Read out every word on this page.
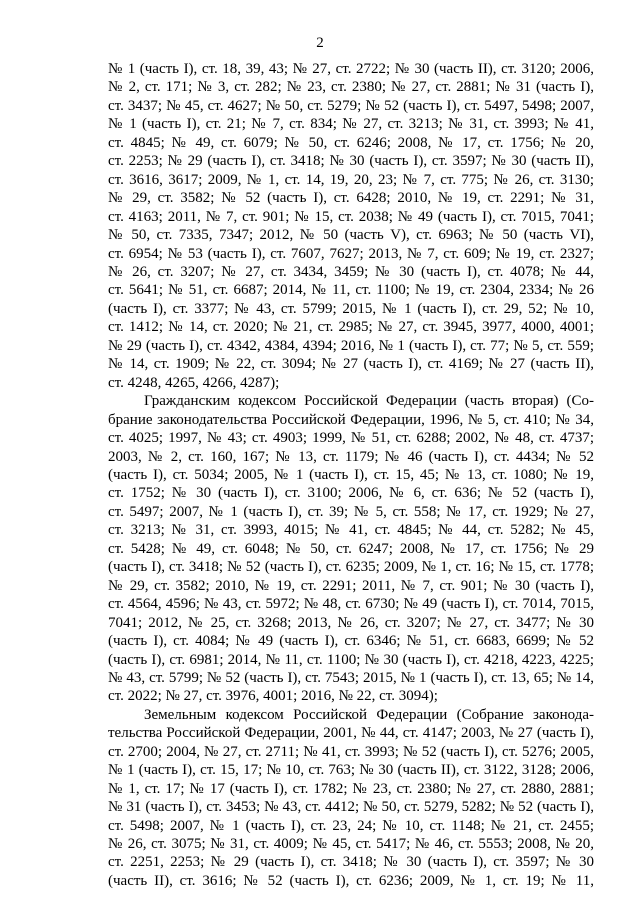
2
№ 1 (часть I), ст. 18, 39, 43; № 27, ст. 2722; № 30 (часть II), ст. 3120; 2006,
№ 2, ст. 171; № 3, ст. 282; № 23, ст. 2380; № 27, ст. 2881; № 31 (часть I),
ст. 3437; № 45, ст. 4627; № 50, ст. 5279; № 52 (часть I), ст. 5497, 5498; 2007,
№ 1 (часть I), ст. 21; № 7, ст. 834; № 27, ст. 3213; № 31, ст. 3993; № 41,
ст. 4845; № 49, ст. 6079; № 50, ст. 6246; 2008, № 17, ст. 1756; № 20,
ст. 2253; № 29 (часть I), ст. 3418; № 30 (часть I), ст. 3597; № 30 (часть II),
ст. 3616, 3617; 2009, № 1, ст. 14, 19, 20, 23; № 7, ст. 775; № 26, ст. 3130;
№ 29, ст. 3582; № 52 (часть I), ст. 6428; 2010, № 19, ст. 2291; № 31,
ст. 4163; 2011, № 7, ст. 901; № 15, ст. 2038; № 49 (часть I), ст. 7015, 7041;
№ 50, ст. 7335, 7347; 2012, № 50 (часть V), ст. 6963; № 50 (часть VI),
ст. 6954; № 53 (часть I), ст. 7607, 7627; 2013, № 7, ст. 609; № 19, ст. 2327;
№ 26, ст. 3207; № 27, ст. 3434, 3459; № 30 (часть I), ст. 4078; № 44,
ст. 5641; № 51, ст. 6687; 2014, № 11, ст. 1100; № 19, ст. 2304, 2334; № 26
(часть I), ст. 3377; № 43, ст. 5799; 2015, № 1 (часть I), ст. 29, 52; № 10,
ст. 1412; № 14, ст. 2020; № 21, ст. 2985; № 27, ст. 3945, 3977, 4000, 4001;
№ 29 (часть I), ст. 4342, 4384, 4394; 2016, № 1 (часть I), ст. 77; № 5, ст. 559;
№ 14, ст. 1909; № 22, ст. 3094; № 27 (часть I), ст. 4169; № 27 (часть II),
ст. 4248, 4265, 4266, 4287);
Гражданским кодексом Российской Федерации (часть вторая) (Со-
брание законодательства Российской Федерации, 1996, № 5, ст. 410; № 34,
ст. 4025; 1997, № 43; ст. 4903; 1999, № 51, ст. 6288; 2002, № 48, ст. 4737;
2003, № 2, ст. 160, 167; № 13, ст. 1179; № 46 (часть I), ст. 4434; № 52
(часть I), ст. 5034; 2005, № 1 (часть I), ст. 15, 45; № 13, ст. 1080; № 19,
ст. 1752; № 30 (часть I), ст. 3100; 2006, № 6, ст. 636; № 52 (часть I),
ст. 5497; 2007, № 1 (часть I), ст. 39; № 5, ст. 558; № 17, ст. 1929; № 27,
ст. 3213; № 31, ст. 3993, 4015; № 41, ст. 4845; № 44, ст. 5282; № 45,
ст. 5428; № 49, ст. 6048; № 50, ст. 6247; 2008, № 17, ст. 1756; № 29
(часть I), ст. 3418; № 52 (часть I), ст. 6235; 2009, № 1, ст. 16; № 15, ст. 1778;
№ 29, ст. 3582; 2010, № 19, ст. 2291; 2011, № 7, ст. 901; № 30 (часть I),
ст. 4564, 4596; № 43, ст. 5972; № 48, ст. 6730; № 49 (часть I), ст. 7014, 7015,
7041; 2012, № 25, ст. 3268; 2013, № 26, ст. 3207; № 27, ст. 3477; № 30
(часть I), ст. 4084; № 49 (часть I), ст. 6346; № 51, ст. 6683, 6699; № 52
(часть I), ст. 6981; 2014, № 11, ст. 1100; № 30 (часть I), ст. 4218, 4223, 4225;
№ 43, ст. 5799; № 52 (часть I), ст. 7543; 2015, № 1 (часть I), ст. 13, 65; № 14,
ст. 2022; № 27, ст. 3976, 4001; 2016, № 22, ст. 3094);
Земельным кодексом Российской Федерации (Собрание законода-
тельства Российской Федерации, 2001, № 44, ст. 4147; 2003, № 27 (часть I),
ст. 2700; 2004, № 27, ст. 2711; № 41, ст. 3993; № 52 (часть I), ст. 5276; 2005,
№ 1 (часть I), ст. 15, 17; № 10, ст. 763; № 30 (часть II), ст. 3122, 3128; 2006,
№ 1, ст. 17; № 17 (часть I), ст. 1782; № 23, ст. 2380; № 27, ст. 2880, 2881;
№ 31 (часть I), ст. 3453; № 43, ст. 4412; № 50, ст. 5279, 5282; № 52 (часть I),
ст. 5498; 2007, № 1 (часть I), ст. 23, 24; № 10, ст. 1148; № 21, ст. 2455;
№ 26, ст. 3075; № 31, ст. 4009; № 45, ст. 5417; № 46, ст. 5553; 2008, № 20,
ст. 2251, 2253; № 29 (часть I), ст. 3418; № 30 (часть I), ст. 3597; № 30
(часть II), ст. 3616; № 52 (часть I), ст. 6236; 2009, № 1, ст. 19; № 11,
